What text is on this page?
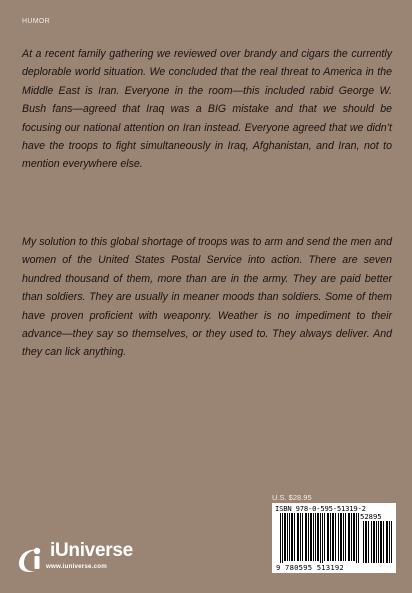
HUMOR

At a recent family gathering we reviewed over brandy and cigars the currently deplorable world situation. We concluded that the real threat to America in the Middle East is Iran. Everyone in the room—this included rabid George W. Bush fans—agreed that Iraq was a BIG mistake and that we should be focusing our national attention on Iran instead. Everyone agreed that we didn’t have the troops to fight simultaneously in Iraq, Afghanistan, and Iran, not to mention everywhere else.

My solution to this global shortage of troops was to arm and send the men and women of the United States Postal Service into action. There are seven hundred thousand of them, more than are in the army. They are paid better than soldiers. They are usually in meaner moods than soldiers. Some of them have proven proficient with weaponry. Weather is no impediment to their advance—they say so themselves, or they used to. They always deliver. And they can lick anything.

iUniverse
www.iuniverse.com
U.S. $28.95
ISBN 978-0-595-51319-2
52895
9 780595 513192
